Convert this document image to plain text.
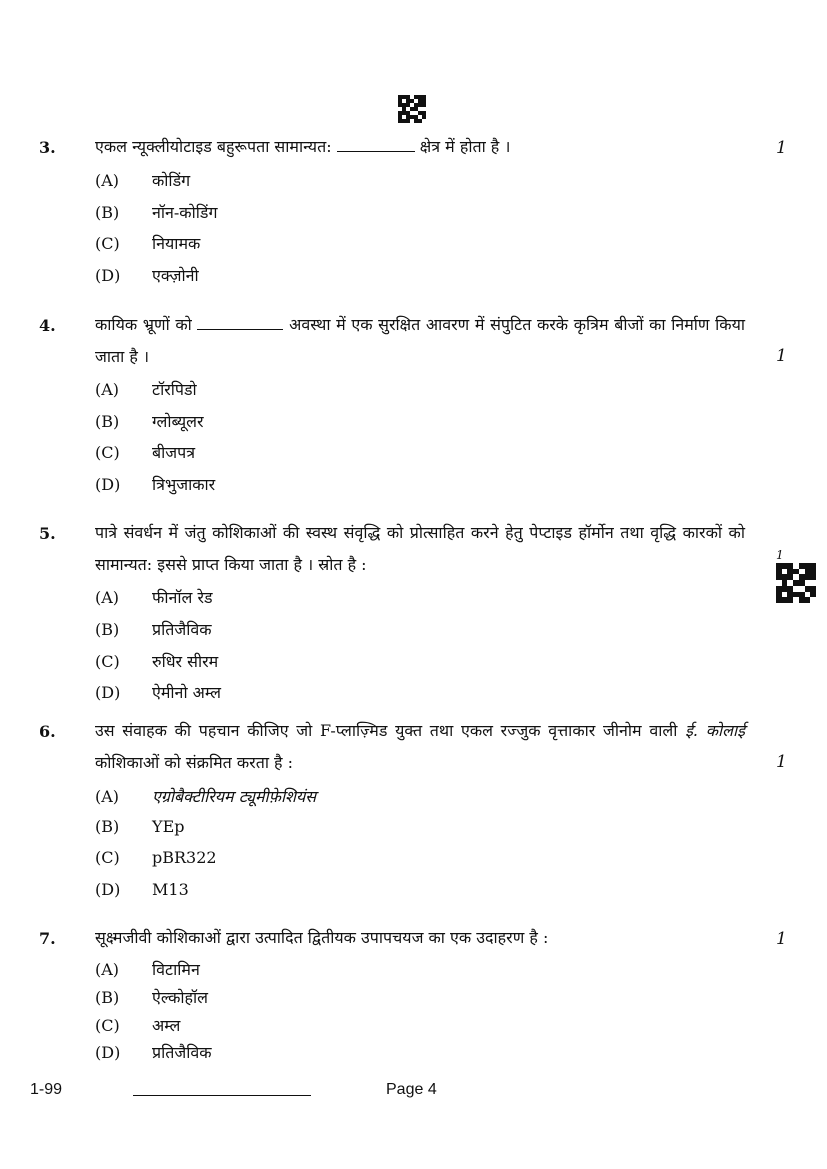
3. एकल न्यूक्लीयोटाइड बहुरूपता सामान्यत:	क्षेत्र में होता है ।	1
(A) कोडिंग
(B) नॉन-कोडिंग
(C) नियामक
(D) एक्ज़ोनी
4. कायिक भ्रूणों को	अवस्था में एक सुरक्षित आवरण में संपुटित करके कृत्रिम बीजों का निर्माण किया जाता है ।	1
(A) टॉरपिडो
(B) ग्लोब्यूलर
(C) बीजपत्र
(D) त्रिभुजाकार
5. पात्रे संवर्धन में जंतु कोशिकाओं की स्वस्थ संवृद्धि को प्रोत्साहित करने हेतु पेप्टाइड हॉर्मोन तथा वृद्धि कारकों को सामान्यत: इससे प्राप्त किया जाता है । स्रोत है :	1
(A) फीनॉल रेड
(B) प्रतिजैविक
(C) रुधिर सीरम
(D) ऐमीनो अम्ल
6. उस संवाहक की पहचान कीजिए जो F-प्लाज़्मिड युक्त तथा एकल रज्जुक वृत्ताकार जीनोम वाली ई. कोलाई कोशिकाओं को संक्रमित करता है :	1
(A) एग्रोबैक्टीरियम ट्यूमीफ़ेशियंस
(B) YEp
(C) pBR322
(D) M13
7. सूक्ष्मजीवी कोशिकाओं द्वारा उत्पादित द्वितीयक उपापचयज का एक उदाहरण है :	1
(A) विटामिन
(B) ऐल्कोहॉल
(C) अम्ल
(D) प्रतिजैविक
1-99	Page 4
